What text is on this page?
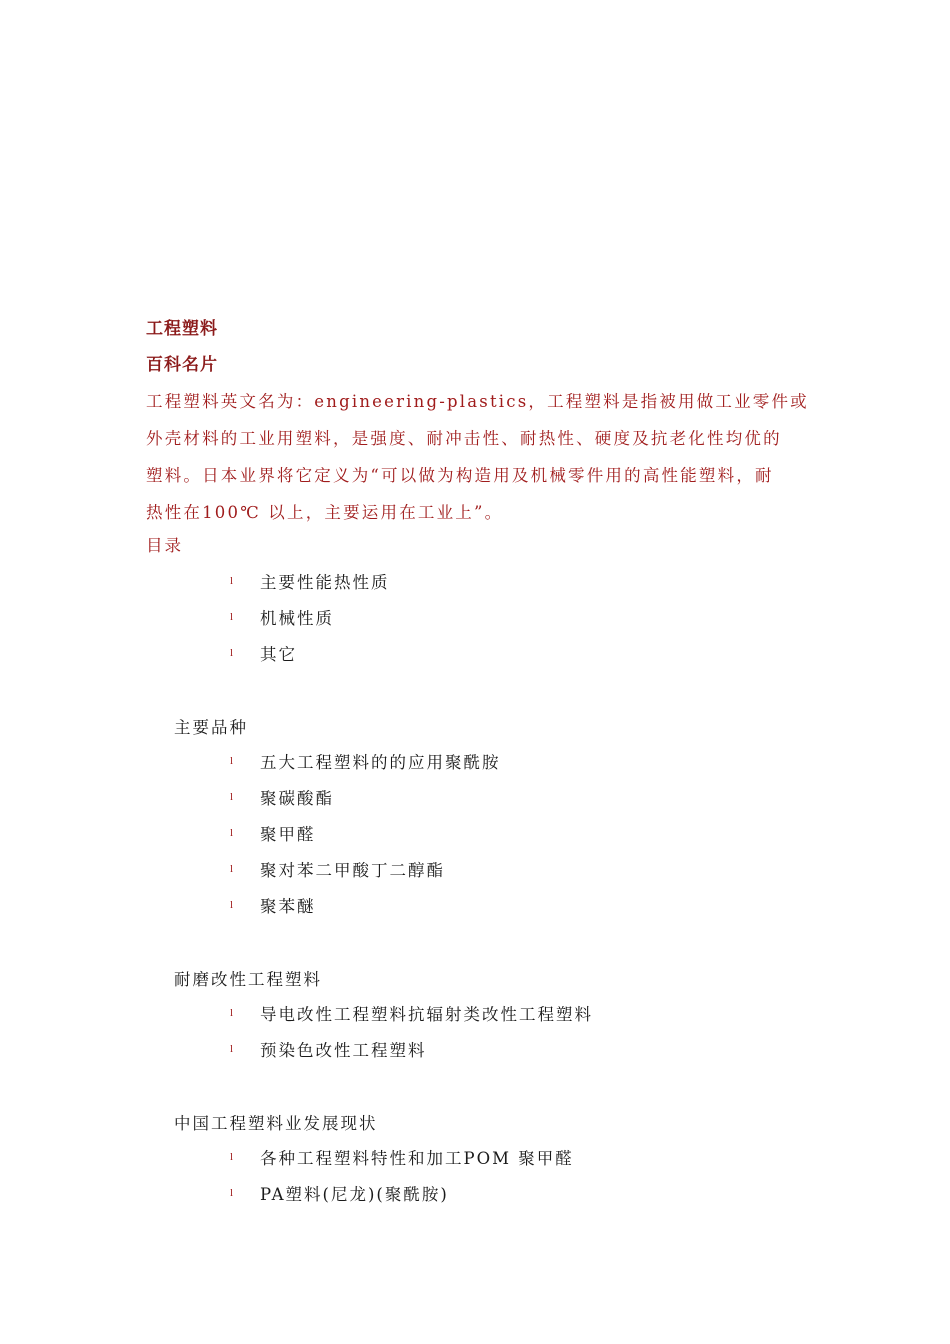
工程塑料
百科名片
工程塑料英文名为：engineering-plastics，工程塑料是指被用做工业零件或
外壳材料的工业用塑料，是强度、耐冲击性、耐热性、硬度及抗老化性均优的
塑料。日本业界将它定义为“可以做为构造用及机械零件用的高性能塑料，耐
热性在100℃ 以上，主要运用在工业上”。
目录
l	主要性能热性质
l	机械性质
l	其它
主要品种
l	五大工程塑料的的应用聚酰胺
l	聚碳酸酯
l	聚甲醛
l	聚对苯二甲酸丁二醇酯
l	聚苯醚
耐磨改性工程塑料
l	导电改性工程塑料抗辐射类改性工程塑料
l	预染色改性工程塑料
中国工程塑料业发展现状
l	各种工程塑料特性和加工POM 聚甲醛
l	PA塑料(尼龙)(聚酰胺)
